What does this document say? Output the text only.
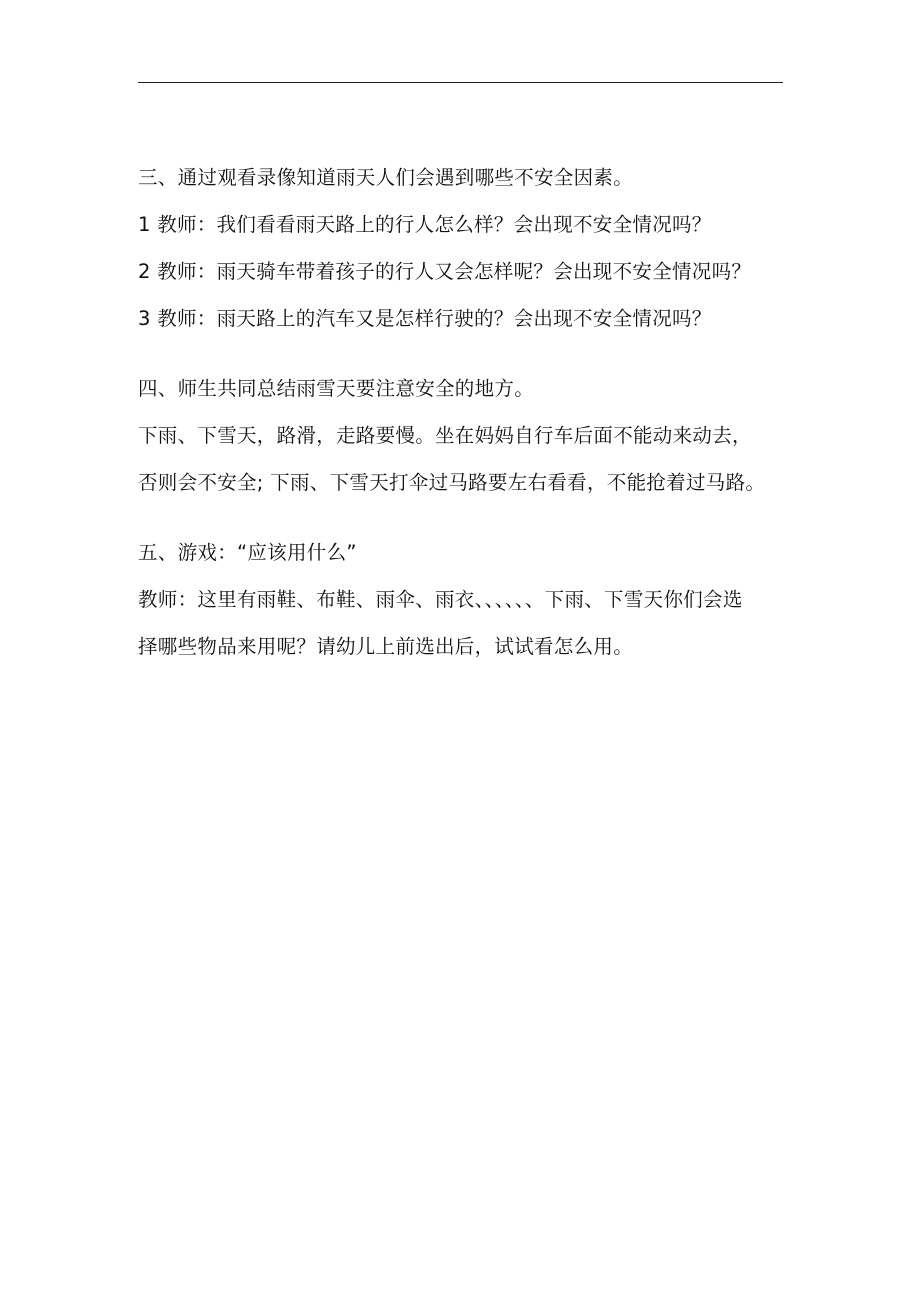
三、通过观看录像知道雨天人们会遇到哪些不安全因素。
1 教师：我们看看雨天路上的行人怎么样？会出现不安全情况吗？
2 教师：雨天骑车带着孩子的行人又会怎样呢？会出现不安全情况吗？
3 教师：雨天路上的汽车又是怎样行驶的？会出现不安全情况吗？
四、师生共同总结雨雪天要注意安全的地方。
下雨、下雪天，路滑，走路要慢。坐在妈妈自行车后面不能动来动去，
否则会不安全; 下雨、下雪天打伞过马路要左右看看，不能抢着过马路。
五、游戏：“应该用什么”
教师：这里有雨鞋、布鞋、雨伞、雨衣、、、、、、下雨、下雪天你们会选
择哪些物品来用呢？请幼儿上前选出后，试试看怎么用。
